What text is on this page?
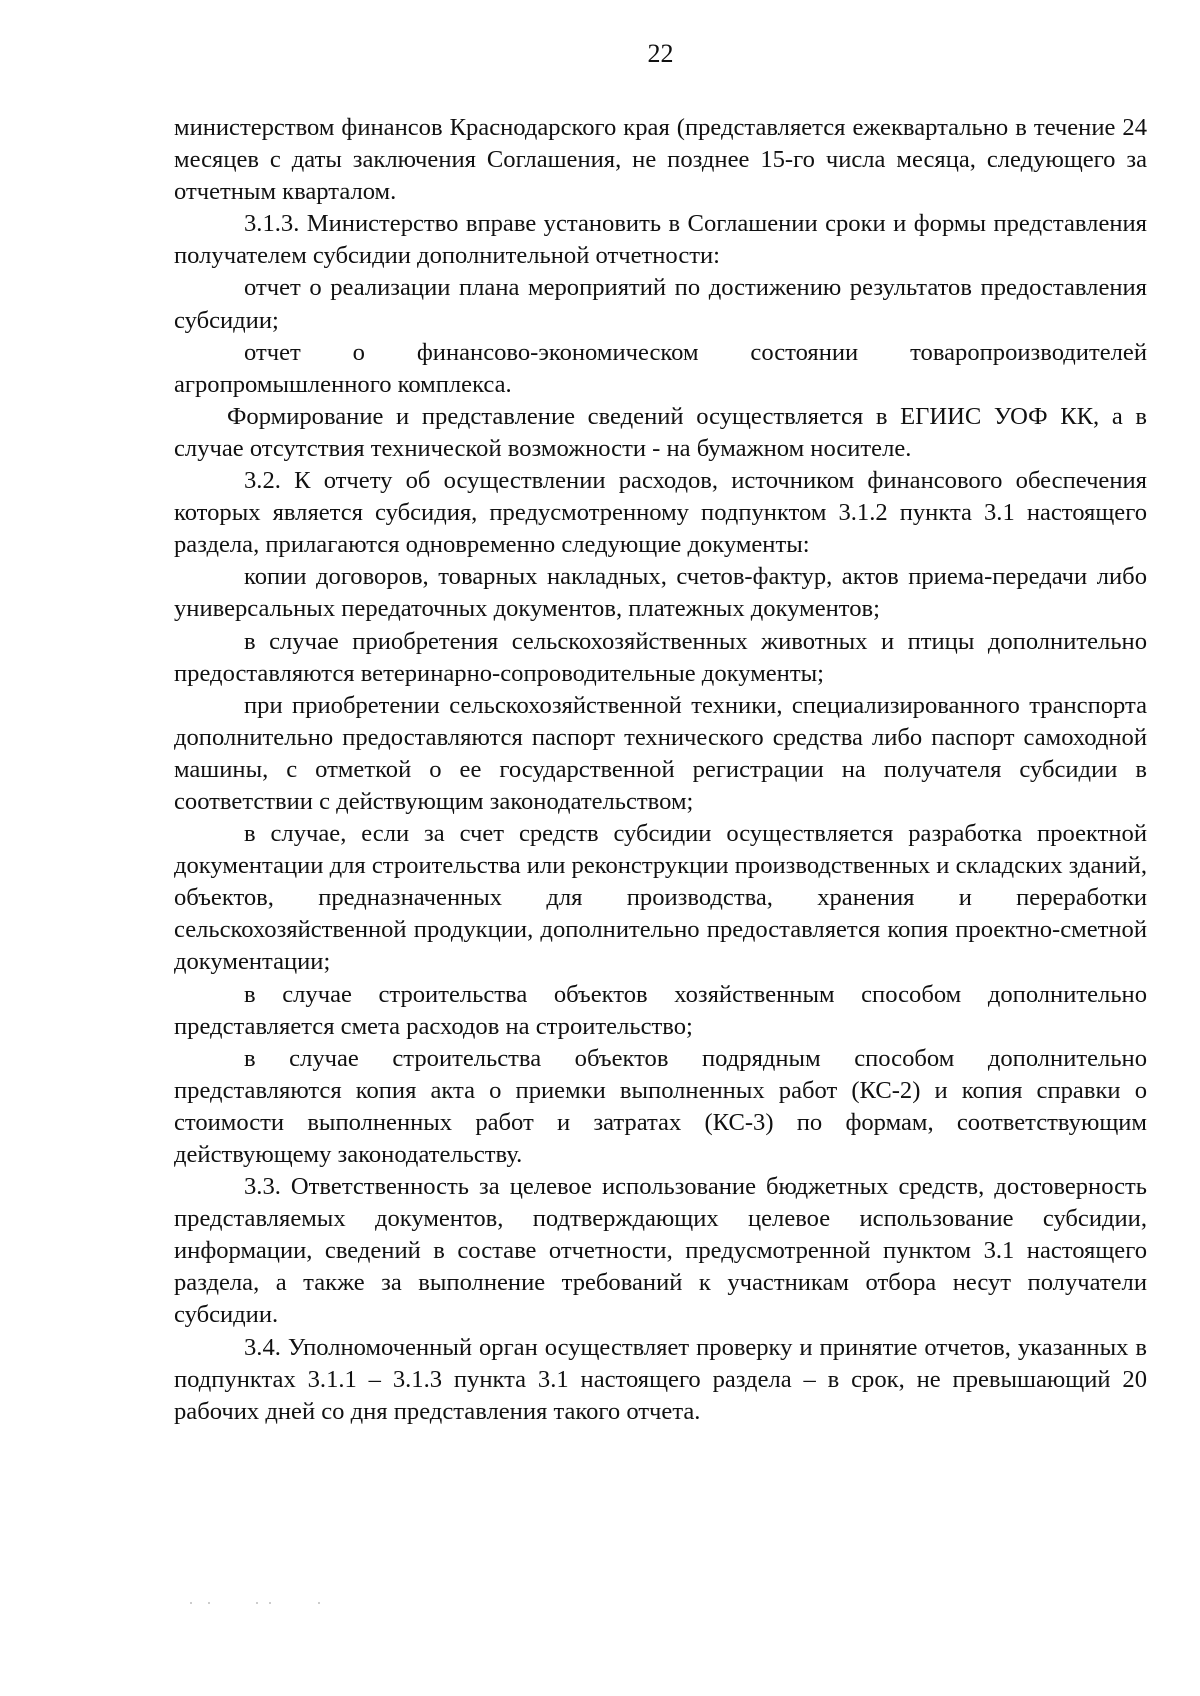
22

министерством финансов Краснодарского края (представляется ежеквартально в течение 24 месяцев с даты заключения Соглашения, не позднее 15-го числа месяца, следующего за отчетным кварталом.

3.1.3. Министерство вправе установить в Соглашении сроки и формы представления получателем субсидии дополнительной отчетности:

отчет о реализации плана мероприятий по достижению результатов предоставления субсидии;

отчет о финансово-экономическом состоянии товаропроизводителей агропромышленного комплекса.

Формирование и представление сведений осуществляется в ЕГИИС УОФ КК, а в случае отсутствия технической возможности - на бумажном носителе.

3.2. К отчету об осуществлении расходов, источником финансового обеспечения которых является субсидия, предусмотренному подпунктом 3.1.2 пункта 3.1 настоящего раздела, прилагаются одновременно следующие документы:

копии договоров, товарных накладных, счетов-фактур, актов приема-передачи либо универсальных передаточных документов, платежных документов;

в случае приобретения сельскохозяйственных животных и птицы дополнительно предоставляются ветеринарно-сопроводительные документы;

при приобретении сельскохозяйственной техники, специализированного транспорта дополнительно предоставляются паспорт технического средства либо паспорт самоходной машины, с отметкой о ее государственной регистрации на получателя субсидии в соответствии с действующим законодательством;

в случае, если за счет средств субсидии осуществляется разработка проектной документации для строительства или реконструкции производственных и складских зданий, объектов, предназначенных для производства, хранения и переработки сельскохозяйственной продукции, дополнительно предоставляется копия проектно-сметной документации;

в случае строительства объектов хозяйственным способом дополнительно представляется смета расходов на строительство;

в случае строительства объектов подрядным способом дополнительно представляются копия акта о приемки выполненных работ (КС-2) и копия справки о стоимости выполненных работ и затратах (КС-3) по формам, соответствующим действующему законодательству.

3.3. Ответственность за целевое использование бюджетных средств, достоверность представляемых документов, подтверждающих целевое использование субсидии, информации, сведений в составе отчетности, предусмотренной пунктом 3.1 настоящего раздела, а также за выполнение требований к участникам отбора несут получатели субсидии.

3.4. Уполномоченный орган осуществляет проверку и принятие отчетов, указанных в подпунктах 3.1.1 – 3.1.3 пункта 3.1 настоящего раздела – в срок, не превышающий 20 рабочих дней со дня представления такого отчета.
